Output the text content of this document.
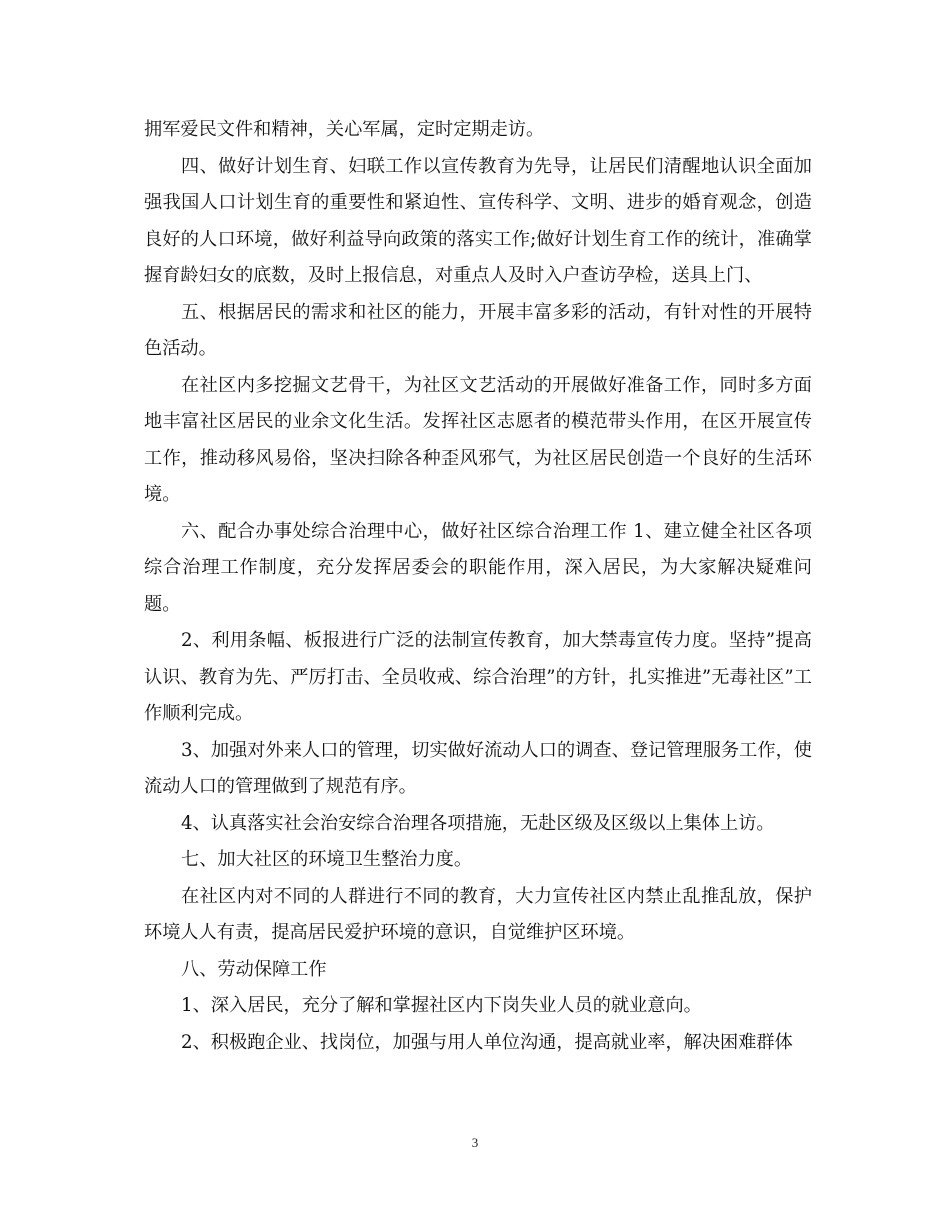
拥军爱民文件和精神，关心军属，定时定期走访。

四、做好计划生育、妇联工作以宣传教育为先导，让居民们清醒地认识全面加强我国人口计划生育的重要性和紧迫性、宣传科学、文明、进步的婚育观念，创造良好的人口环境，做好利益导向政策的落实工作;做好计划生育工作的统计，准确掌握育龄妇女的底数，及时上报信息，对重点人及时入户查访孕检，送具上门、

五、根据居民的需求和社区的能力，开展丰富多彩的活动，有针对性的开展特色活动。

在社区内多挖掘文艺骨干，为社区文艺活动的开展做好准备工作，同时多方面地丰富社区居民的业余文化生活。发挥社区志愿者的模范带头作用，在区开展宣传工作，推动移风易俗，坚决扫除各种歪风邪气，为社区居民创造一个良好的生活环境。

六、配合办事处综合治理中心，做好社区综合治理工作 1、建立健全社区各项综合治理工作制度，充分发挥居委会的职能作用，深入居民，为大家解决疑难问题。

2、利用条幅、板报进行广泛的法制宣传教育，加大禁毒宣传力度。坚持”提高认识、教育为先、严厉打击、全员收戒、综合治理”的方针，扎实推进”无毒社区”工作顺利完成。

3、加强对外来人口的管理，切实做好流动人口的调查、登记管理服务工作，使流动人口的管理做到了规范有序。

4、认真落实社会治安综合治理各项措施，无赴区级及区级以上集体上访。

七、加大社区的环境卫生整治力度。

在社区内对不同的人群进行不同的教育，大力宣传社区内禁止乱推乱放，保护环境人人有责，提高居民爱护环境的意识，自觉维护区环境。

八、劳动保障工作

1、深入居民，充分了解和掌握社区内下岗失业人员的就业意向。

2、积极跑企业、找岗位，加强与用人单位沟通，提高就业率，解决困难群体

3
